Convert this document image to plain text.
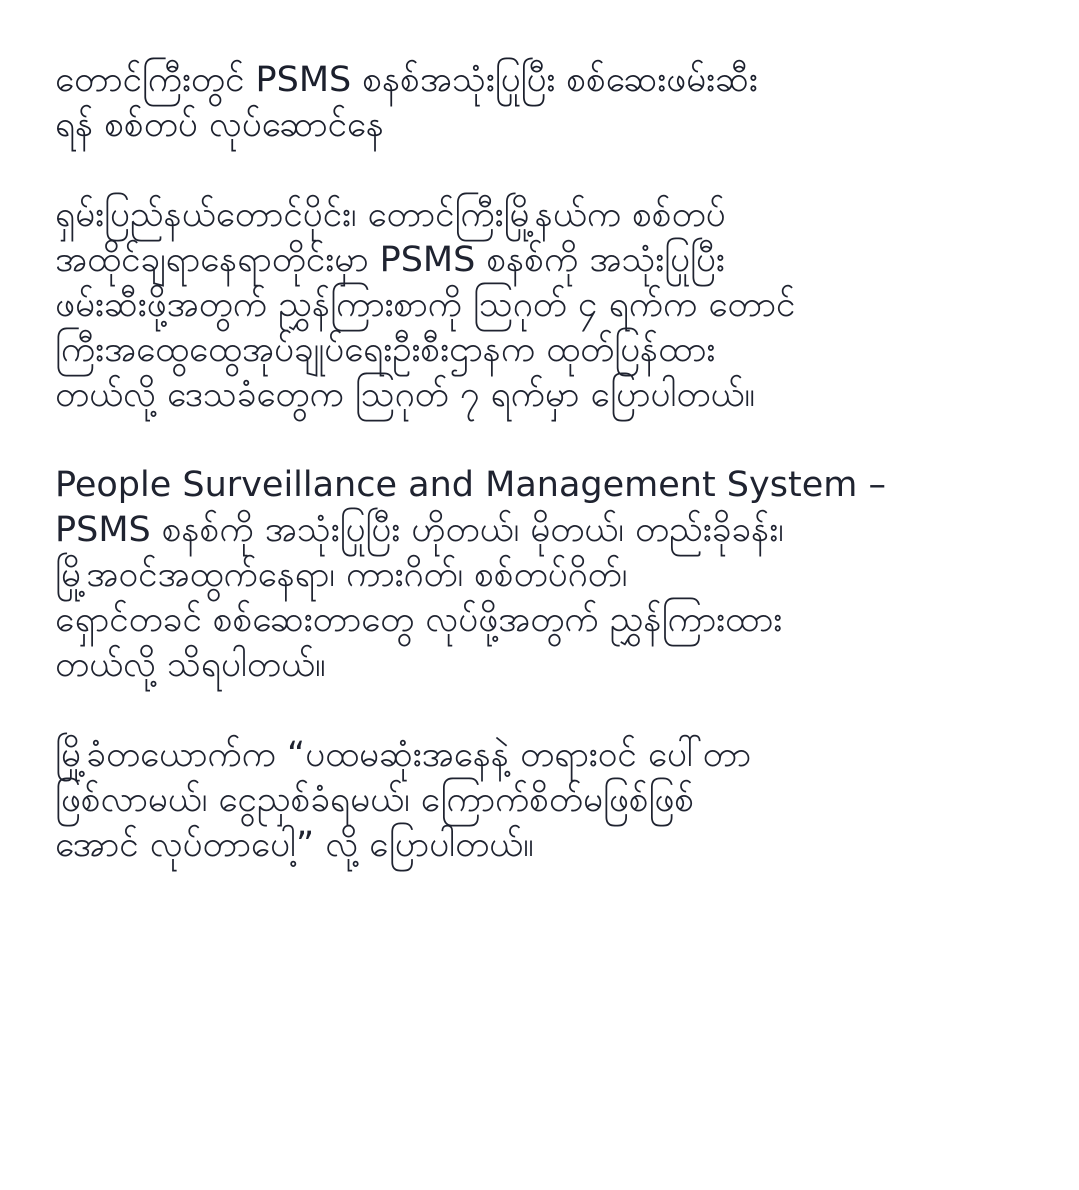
တောင်ကြီးတွင် PSMS စနစ်အသုံးပြုပြီး စစ်ဆေးဖမ်းဆီး
ရန် စစ်တပ် လုပ်ဆောင်နေ

ရှမ်းပြည်နယ်တောင်ပိုင်း၊ တောင်ကြီးမြို့နယ်က စစ်တပ်
အထိုင်ချရာနေရာတိုင်းမှာ PSMS စနစ်ကို အသုံးပြုပြီး
ဖမ်းဆီးဖို့အတွက် ညွှန်ကြားစာကို ဩဂုတ် ၄ ရက်က တောင်
ကြီးအထွေထွေအုပ်ချုပ်ရေးဦးစီးဌာနက ထုတ်ပြန်ထား
တယ်လို့ ဒေသခံတွေက ဩဂုတ် ၇ ရက်မှာ ပြောပါတယ်။

People Surveillance and Management System –
PSMS စနစ်ကို အသုံးပြုပြီး ဟိုတယ်၊ မိုတယ်၊ တည်းခိုခန်း၊
မြို့အဝင်အထွက်နေရာ၊ ကားဂိတ်၊ စစ်တပ်ဂိတ်၊
ရှောင်တခင် စစ်ဆေးတာတွေ လုပ်ဖို့အတွက် ညွှန်ကြားထား
တယ်လို့ သိရပါတယ်။

မြို့ခံတယောက်က “ပထမဆုံးအနေနဲ့ တရားဝင် ပေါ်တာ
ဖြစ်လာမယ်၊ ငွေညှစ်ခံရမယ်၊ ကြောက်စိတ်မဖြစ်ဖြစ်
အောင် လုပ်တာပေါ့” လို့ ပြောပါတယ်။
